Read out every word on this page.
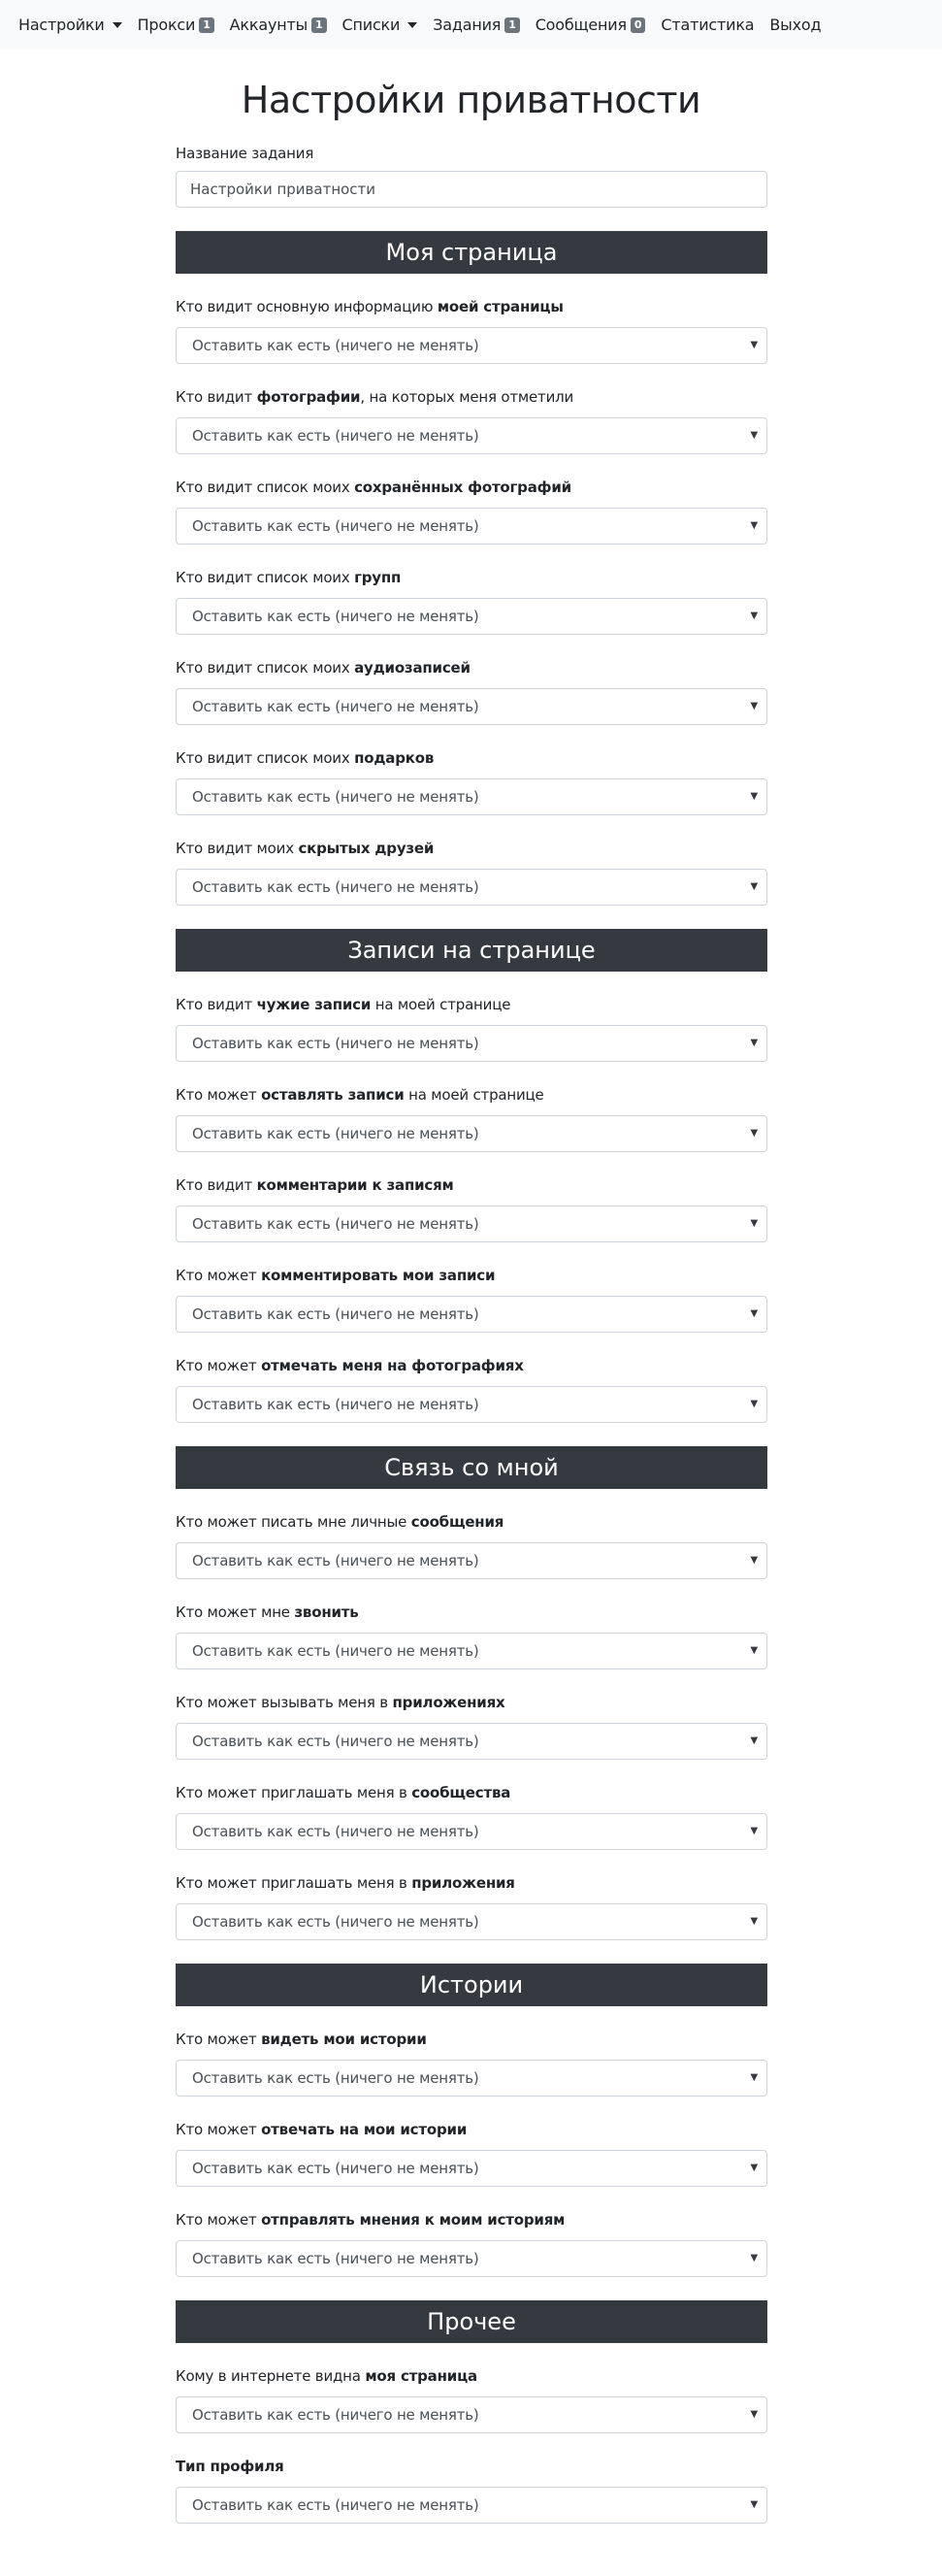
Настройки Прокси 1 Аккаунты 1 Списки Задания 1 Сообщения 0 Статистика Выход
Настройки приватности
Название задания
Настройки приватности
Моя страница
Кто видит основную информацию моей страницы
Оставить как есть (ничего не менять)	▼
Кто видит фотографии, на которых меня отметили
Оставить как есть (ничего не менять)	▼
Кто видит список моих сохранённых фотографий
Оставить как есть (ничего не менять)	▼
Кто видит список моих групп
Оставить как есть (ничего не менять)	▼
Кто видит список моих аудиозаписей
Оставить как есть (ничего не менять)	▼
Кто видит список моих подарков
Оставить как есть (ничего не менять)	▼
Кто видит моих скрытых друзей
Оставить как есть (ничего не менять)	▼
Записи на странице
Кто видит чужие записи на моей странице
Оставить как есть (ничего не менять)	▼
Кто может оставлять записи на моей странице
Оставить как есть (ничего не менять)	▼
Кто видит комментарии к записям
Оставить как есть (ничего не менять)	▼
Кто может комментировать мои записи
Оставить как есть (ничего не менять)	▼
Кто может отмечать меня на фотографиях
Оставить как есть (ничего не менять)	▼
Связь со мной
Кто может писать мне личные сообщения
Оставить как есть (ничего не менять)	▼
Кто может мне звонить
Оставить как есть (ничего не менять)	▼
Кто может вызывать меня в приложениях
Оставить как есть (ничего не менять)	▼
Кто может приглашать меня в сообщества
Оставить как есть (ничего не менять)	▼
Кто может приглашать меня в приложения
Оставить как есть (ничего не менять)	▼
Истории
Кто может видеть мои истории
Оставить как есть (ничего не менять)	▼
Кто может отвечать на мои истории
Оставить как есть (ничего не менять)	▼
Кто может отправлять мнения к моим историям
Оставить как есть (ничего не менять)	▼
Прочее
Кому в интернете видна моя страница
Оставить как есть (ничего не менять)	▼
Тип профиля
Оставить как есть (ничего не менять)	▼
